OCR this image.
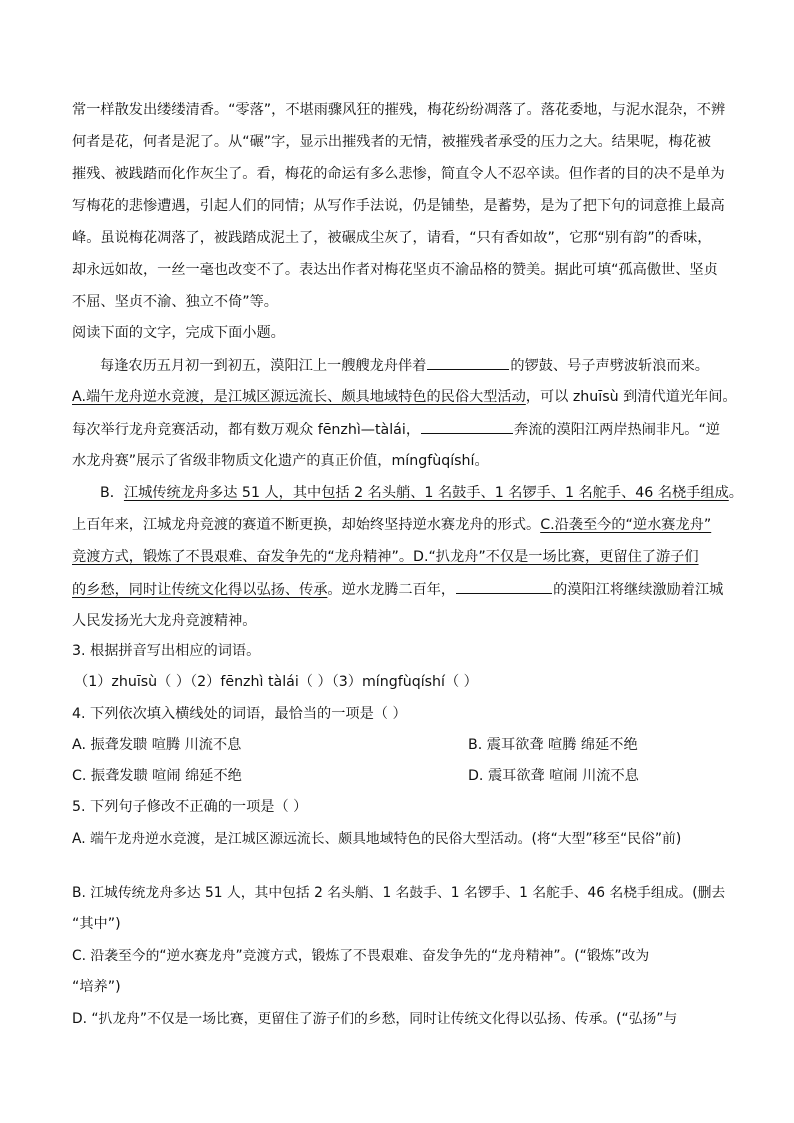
常一样散发出缕缕清香。“零落”，不堪雨骤风狂的摧残，梅花纷纷凋落了。落花委地，与泥水混杂，不辨
何者是花，何者是泥了。从“碾”字，显示出摧残者的无情，被摧残者承受的压力之大。结果呢，梅花被
摧残、被践踏而化作灰尘了。看，梅花的命运有多么悲惨，简直令人不忍卒读。但作者的目的决不是单为
写梅花的悲惨遭遇，引起人们的同情；从写作手法说，仍是铺垫，是蓄势，是为了把下句的词意推上最高
峰。虽说梅花凋落了，被践踏成泥土了，被碾成尘灰了，请看，“只有香如故”，它那“别有韵”的香味，
却永远如故，一丝一毫也改变不了。表达出作者对梅花坚贞不渝品格的赞美。据此可填“孤高傲世、坚贞
不屈、坚贞不渝、独立不倚”等。
阅读下面的文字，完成下面小题。
每逢农历五月初一到初五，漠阳江上一艘艘龙舟伴着	的锣鼓、号子声劈波斩浪而来。
A.端午龙舟逆水竞渡，是江城区源远流长、颇具地域特色的民俗大型活动，可以 zhuīsù 到清代道光年间。
每次举行龙舟竞赛活动，都有数万观众 fēnzhì—tàlái，	奔流的漠阳江两岸热闹非凡。“逆
水龙舟赛”展示了省级非物质文化遗产的真正价值，míngfùqíshí。
B．江城传统龙舟多达 51 人，其中包括 2 名头艄、1 名鼓手、1 名锣手、1 名舵手、46 名桡手组成。
上百年来，江城龙舟竞渡的赛道不断更换，却始终坚持逆水赛龙舟的形式。C.沿袭至今的“逆水赛龙舟”
竞渡方式，锻炼了不畏艰难、奋发争先的“龙舟精神”。D.“扒龙舟”不仅是一场比赛，更留住了游子们
的乡愁，同时让传统文化得以弘扬、传承。逆水龙腾二百年，	的漠阳江将继续激励着江城
人民发扬光大龙舟竞渡精神。
3. 根据拼音写出相应的词语。
（1）zhuīsù（ ）（2）fēnzhì tàlái（ ）（3）míngfùqíshí（ ）
4. 下列依次填入横线处的词语，最恰当的一项是（ ）
A. 振聋发聩 喧腾 川流不息	B. 震耳欲聋 喧腾 绵延不绝
C. 振聋发聩 喧闹 绵延不绝	D. 震耳欲聋 喧闹 川流不息
5. 下列句子修改不正确的一项是（ ）
A. 端午龙舟逆水竞渡，是江城区源远流长、颇具地域特色的民俗大型活动。(将“大型”移至“民俗”前)
B. 江城传统龙舟多达 51 人，其中包括 2 名头艄、1 名鼓手、1 名锣手、1 名舵手、46 名桡手组成。(删去
“其中”)
C. 沿袭至今的“逆水赛龙舟”竞渡方式，锻炼了不畏艰难、奋发争先的“龙舟精神”。(“锻炼”改为
“培养”)
D. “扒龙舟”不仅是一场比赛，更留住了游子们的乡愁，同时让传统文化得以弘扬、传承。(“弘扬”与
